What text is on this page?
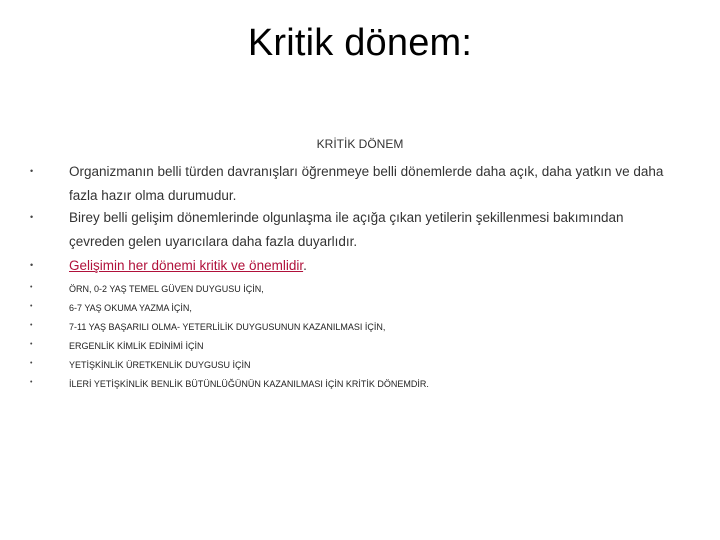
Kritik dönem:
KRİTİK DÖNEM
•	Organizmanın belli türden davranışları öğrenmeye belli dönemlerde daha açık, daha yatkın ve daha fazla hazır olma durumudur.
•	Birey belli gelişim dönemlerinde olgunlaşma ile açığa çıkan yetilerin şekillenmesi bakımından çevreden gelen uyarıcılara daha fazla duyarlıdır.
•	Gelişimin her dönemi kritik ve önemlidir.
•	ÖRN, 0-2 YAŞ TEMEL GÜVEN DUYGUSU İÇİN,
•	6-7 YAŞ OKUMA YAZMA İÇİN,
•	7-11 YAŞ BAŞARILI OLMA- YETERLİLİK DUYGUSUNUN KAZANILMASI İÇİN,
•	ERGENLİK KİMLİK EDİNİMİ İÇİN
•	YETİŞKİNLİK ÜRETKENLİK DUYGUSU İÇİN
•	İLERİ YETİŞKİNLİK BENLİK BÜTÜNLÜĞÜNÜN KAZANILMASI İÇİN KRİTİK DÖNEMDİR.
